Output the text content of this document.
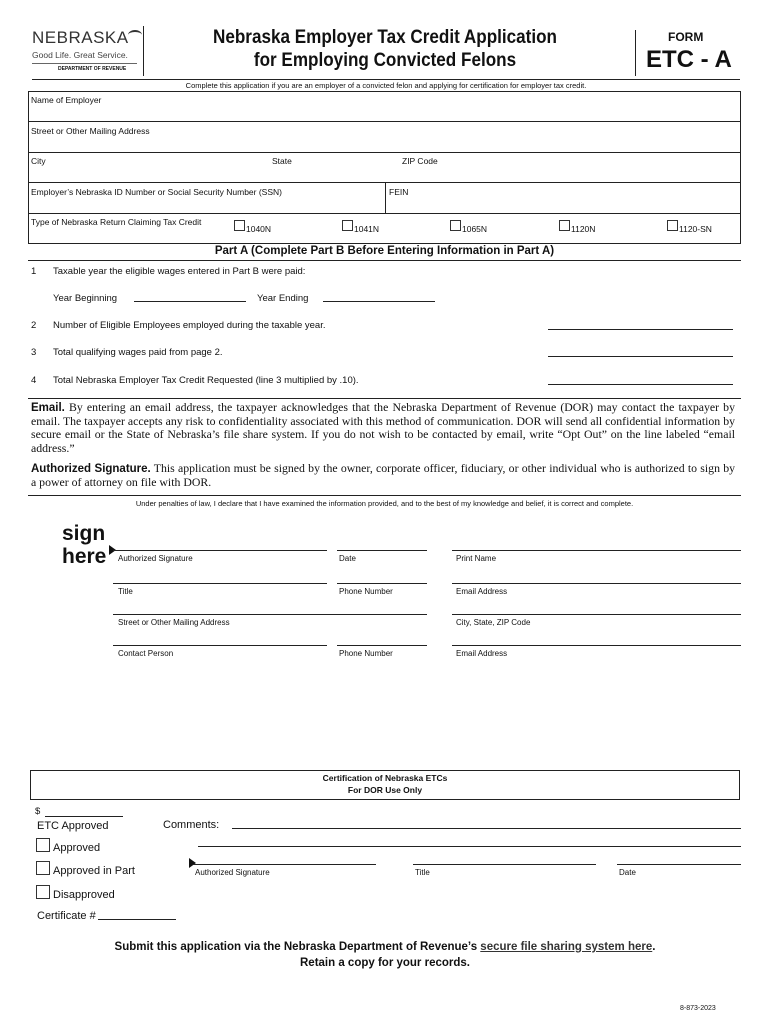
NEBRASKA
Good Life. Great Service.
DEPARTMENT OF REVENUE
Nebraska Employer Tax Credit Application
for Employing Convicted Felons
FORM
ETC - A
Complete this application if you are an employer of a convicted felon and applying for certification for employer tax credit.
Name of Employer
Street or Other Mailing Address
City	State	ZIP Code
Employer’s Nebraska ID Number or Social Security Number (SSN)	FEIN
Type of Nebraska Return Claiming Tax Credit
1040N	1041N	1065N	1120N	1120-SN
Part A (Complete Part B Before Entering Information in Part A)
1 Taxable year the eligible wages entered in Part B were paid:
Year Beginning	Year Ending
2 Number of Eligible Employees employed during the taxable year.
3 Total qualifying wages paid from page 2.
4 Total Nebraska Employer Tax Credit Requested (line 3 multiplied by .10).
Email. By entering an email address, the taxpayer acknowledges that the Nebraska Department of Revenue (DOR) may contact the taxpayer by email. The taxpayer accepts any risk to confidentiality associated with this method of communication. DOR will send all confidential information by secure email or the State of Nebraska’s file share system. If you do not wish to be contacted by email, write “Opt Out” on the line labeled “email address.”
Authorized Signature. This application must be signed by the owner, corporate officer, fiduciary, or other individual who is authorized to sign by a power of attorney on file with DOR.
Under penalties of law, I declare that I have examined the information provided, and to the best of my knowledge and belief, it is correct and complete.
sign
here Authorized Signature	Date	Print Name
Title	Phone Number	Email Address
Street or Other Mailing Address	City, State, ZIP Code
Contact Person	Phone Number	Email Address
Certification of Nebraska ETCs
For DOR Use Only
$
ETC Approved	Comments:
Approved
Approved in Part
Disapproved
Authorized Signature	Title	Date
Certificate #
Submit this application via the Nebraska Department of Revenue’s secure file sharing system here.
Retain a copy for your records.
8-873-2023
